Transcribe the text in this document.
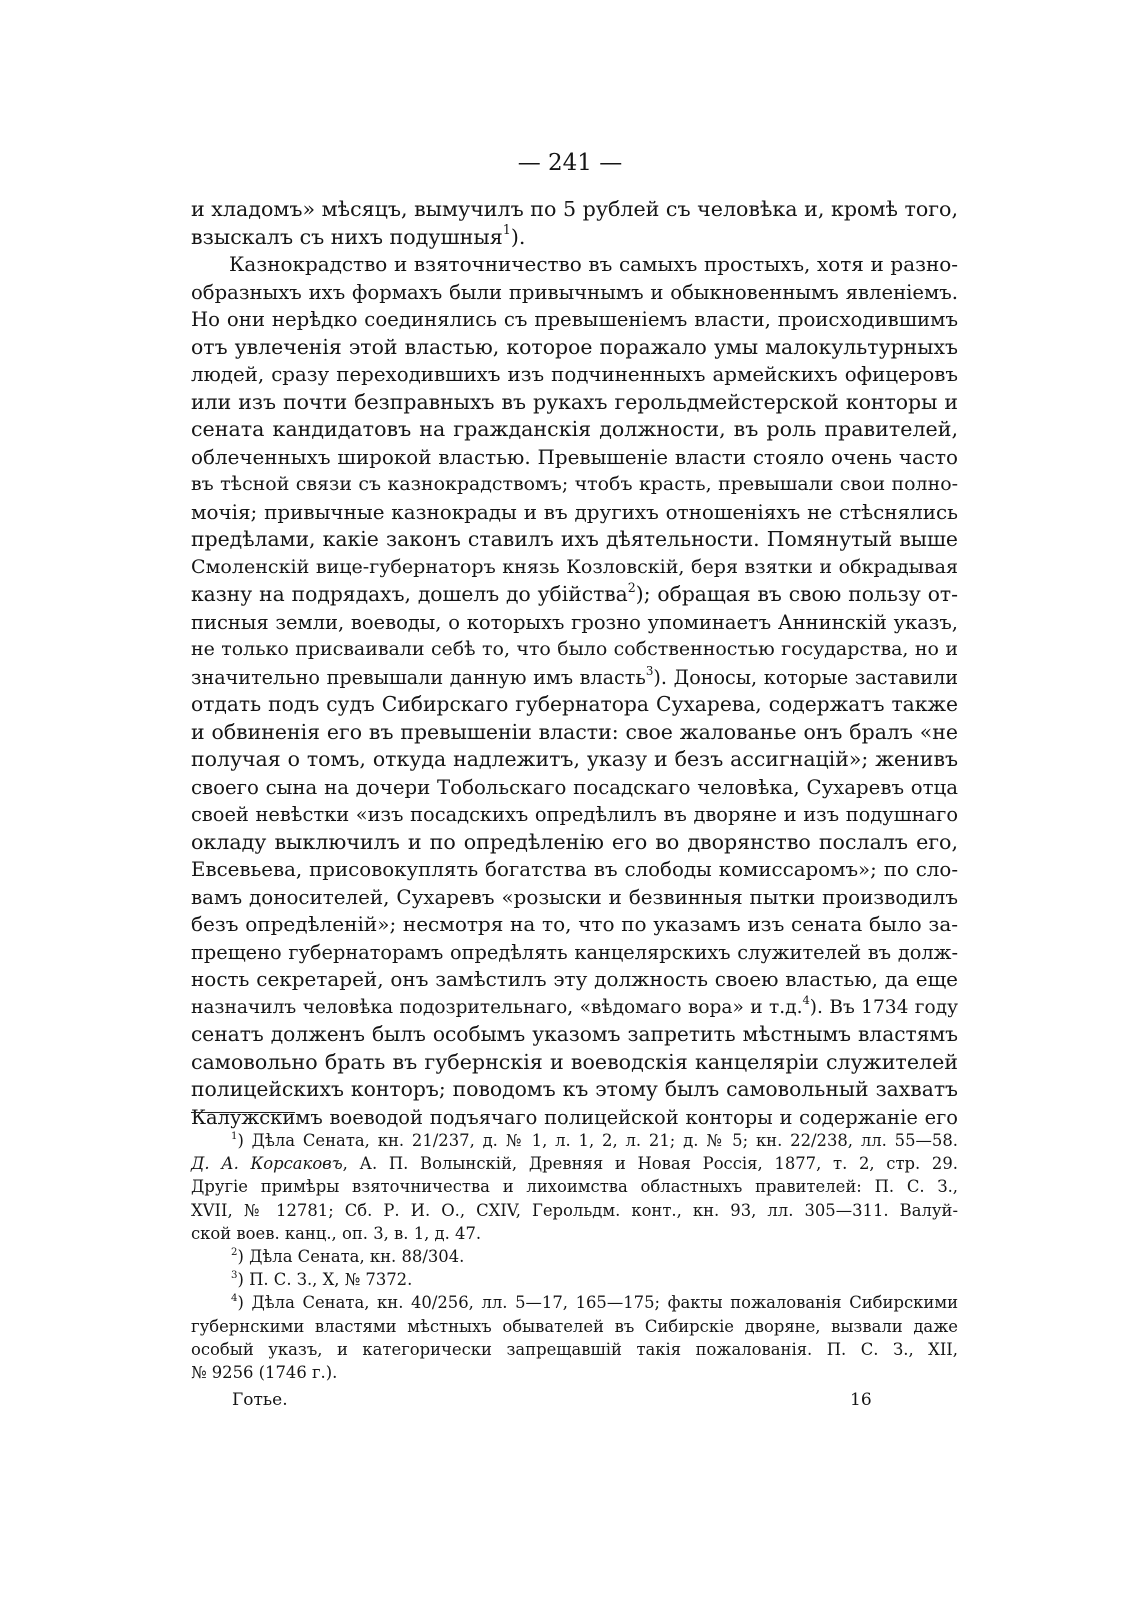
— 241 —
и хладомъ» мѣсяцъ, вымучилъ по 5 рублей съ человѣка и, кромѣ того,
взыскалъ съ нихъ подушныя$^1$).
Казнокрадство и взяточничество въ самыхъ простыхъ, хотя и разно-
образныхъ ихъ формахъ были привычнымъ и обыкновеннымъ явленіемъ.
Но они нерѣдко соединялись съ превышеніемъ власти, происходившимъ
отъ увлеченія этой властью, которое поражало умы малокультурныхъ
людей, сразу переходившихъ изъ подчиненныхъ армейскихъ офицеровъ
или изъ почти безправныхъ въ рукахъ герольдмейстерской конторы и
сената кандидатовъ на гражданскія должности, въ роль правителей,
облеченныхъ широкой властью. Превышеніе власти стояло очень часто
въ тѣсной связи съ казнокрадствомъ; чтобъ красть, превышали свои полно-
мочія; привычные казнокрады и въ другихъ отношеніяхъ не стѣснялись
предѣлами, какіе законъ ставилъ ихъ дѣятельности. Помянутый выше
Смоленскій вице-губернаторъ князь Козловскій, беря взятки и обкрадывая
казну на подрядахъ, дошелъ до убійства$^2$); обращая въ свою пользу от-
писныя земли, воеводы, о которыхъ грозно упоминаетъ Аннинскій указъ,
не только присваивали себѣ то, что было собственностью государства, но и
значительно превышали данную имъ власть$^3$). Доносы, которые заставили
отдать подъ судъ Сибирскаго губернатора Сухарева, содержатъ также
и обвиненія его въ превышеніи власти: свое жалованье онъ бралъ «не
получая о томъ, откуда надлежитъ, указу и безъ ассигнацій»; женивъ
своего сына на дочери Тобольскаго посадскаго человѣка, Сухаревъ отца
своей невѣстки «изъ посадскихъ опредѣлилъ въ дворяне и изъ подушнаго
окладу выключилъ и по опредѣленію его во дворянство послалъ его,
Евсевьева, присовокуплять богатства въ слободы комиссаромъ»; по сло-
вамъ доносителей, Сухаревъ «розыски и безвинныя пытки производилъ
безъ опредѣленій»; несмотря на то, что по указамъ изъ сената было за-
прещено губернаторамъ опредѣлять канцелярскихъ служителей въ долж-
ность секретарей, онъ замѣстилъ эту должность своею властью, да еще
назначилъ человѣка подозрительнаго, «вѣдомаго вора» и т.д.$^4$). Въ 1734 году
сенатъ долженъ былъ особымъ указомъ запретить мѣстнымъ властямъ
самовольно брать въ губернскія и воеводскія канцеляріи служителей
полицейскихъ конторъ; поводомъ къ этому былъ самовольный захватъ
Калужскимъ воеводой подъячаго полицейской конторы и содержаніе его
$^1$) Дѣла Сената, кн. 21/237, д. № 1, л. 1, 2, л. 21; д. № 5; кн. 22/238, лл. 55—58.
Д. А. Корсаковъ, А. П. Волынскій, Древняя и Новая Россія, 1877, т. 2, стр. 29.
Другіе примѣры взяточничества и лихоимства областныхъ правителей: П. С. З.,
XVII, № 12781; Сб. Р. И. О., CXIV, Герольдм. конт., кн. 93, лл. 305—311. Валуй-
ской воев. канц., оп. 3, в. 1, д. 47.
$^2$) Дѣла Сената, кн. 88/304.
$^3$) П. С. З., X, № 7372.
$^4$) Дѣла Сената, кн. 40/256, лл. 5—17, 165—175; факты пожалованія Сибирскими
губернскими властями мѣстныхъ обывателей въ Сибирскіе дворяне, вызвали даже
особый указъ, и категорически запрещавшій такія пожалованія. П. С. З., XII,
№ 9256 (1746 г.).
Готье.	16
